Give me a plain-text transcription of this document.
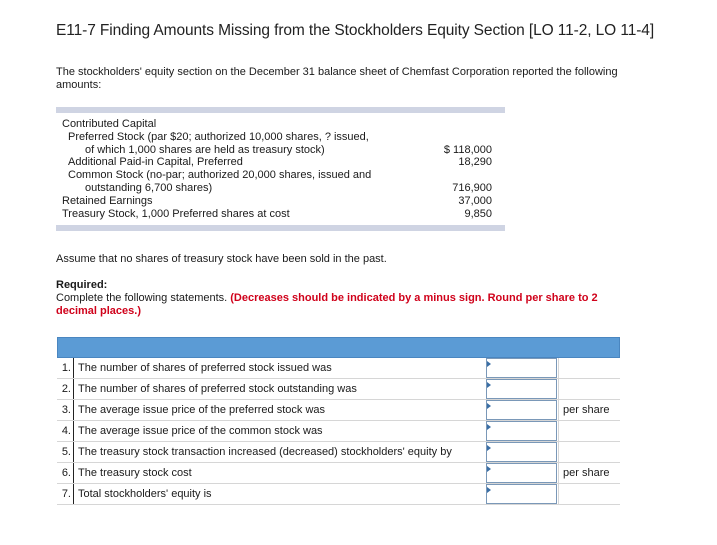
E11-7 Finding Amounts Missing from the Stockholders Equity Section [LO 11-2, LO 11-4]
The stockholders' equity section on the December 31 balance sheet of Chemfast Corporation reported the following amounts:
Contributed Capital
Preferred Stock (par $20; authorized 10,000 shares, ? issued,
of which 1,000 shares are held as treasury stock)	$ 118,000
Additional Paid-in Capital, Preferred	18,290
Common Stock (no-par; authorized 20,000 shares, issued and
outstanding 6,700 shares)	716,900
Retained Earnings	37,000
Treasury Stock, 1,000 Preferred shares at cost	9,850
Assume that no shares of treasury stock have been sold in the past.
Required:
Complete the following statements. (Decreases should be indicated by a minus sign. Round per share to 2 decimal places.)
1. The number of shares of preferred stock issued was
2. The number of shares of preferred stock outstanding was
3. The average issue price of the preferred stock was	per share
4. The average issue price of the common stock was
5. The treasury stock transaction increased (decreased) stockholders' equity by
6. The treasury stock cost	per share
7. Total stockholders' equity is
